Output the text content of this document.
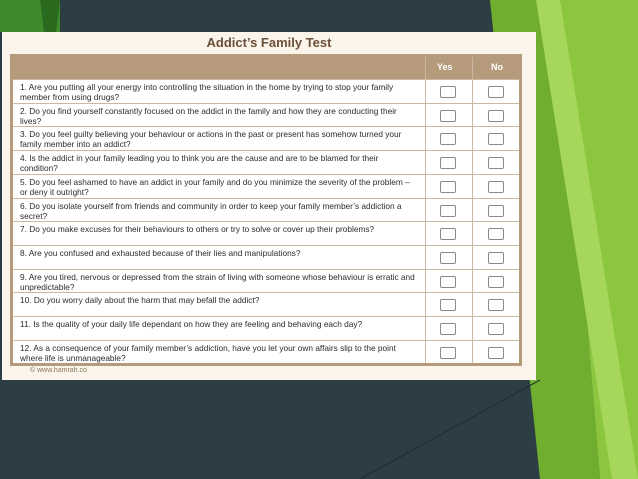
Addict’s Family Test
Yes	No
1. Are you putting all your energy into controlling the situation in the home by trying to stop your family member from using drugs?
2. Do you find yourself constantly focused on the addict in the family and how they are conducting their lives?
3. Do you feel guilty believing your behaviour or actions in the past or present has somehow turned your family member into an addict?
4. Is the addict in your family leading you to think you are the cause and are to be blamed for their condition?
5. Do you feel ashamed to have an addict in your family and do you minimize the severity of the problem – or deny it outright?
6. Do you isolate yourself from friends and community in order to keep your family member’s addiction a secret?
7. Do you make excuses for their behaviours to others or try to solve or cover up their problems?
8. Are you confused and exhausted because of their lies and manipulations?
9. Are you tired, nervous or depressed from the strain of living with someone whose behaviour is erratic and unpredictable?
10. Do you worry daily about the harm that may befall the addict?
11. Is the quality of your daily life dependant on how they are feeling and behaving each day?
12. As a consequence of your family member’s addiction, have you let your own affairs slip to the point where life is unmanageable?
© www.hamrah.co
